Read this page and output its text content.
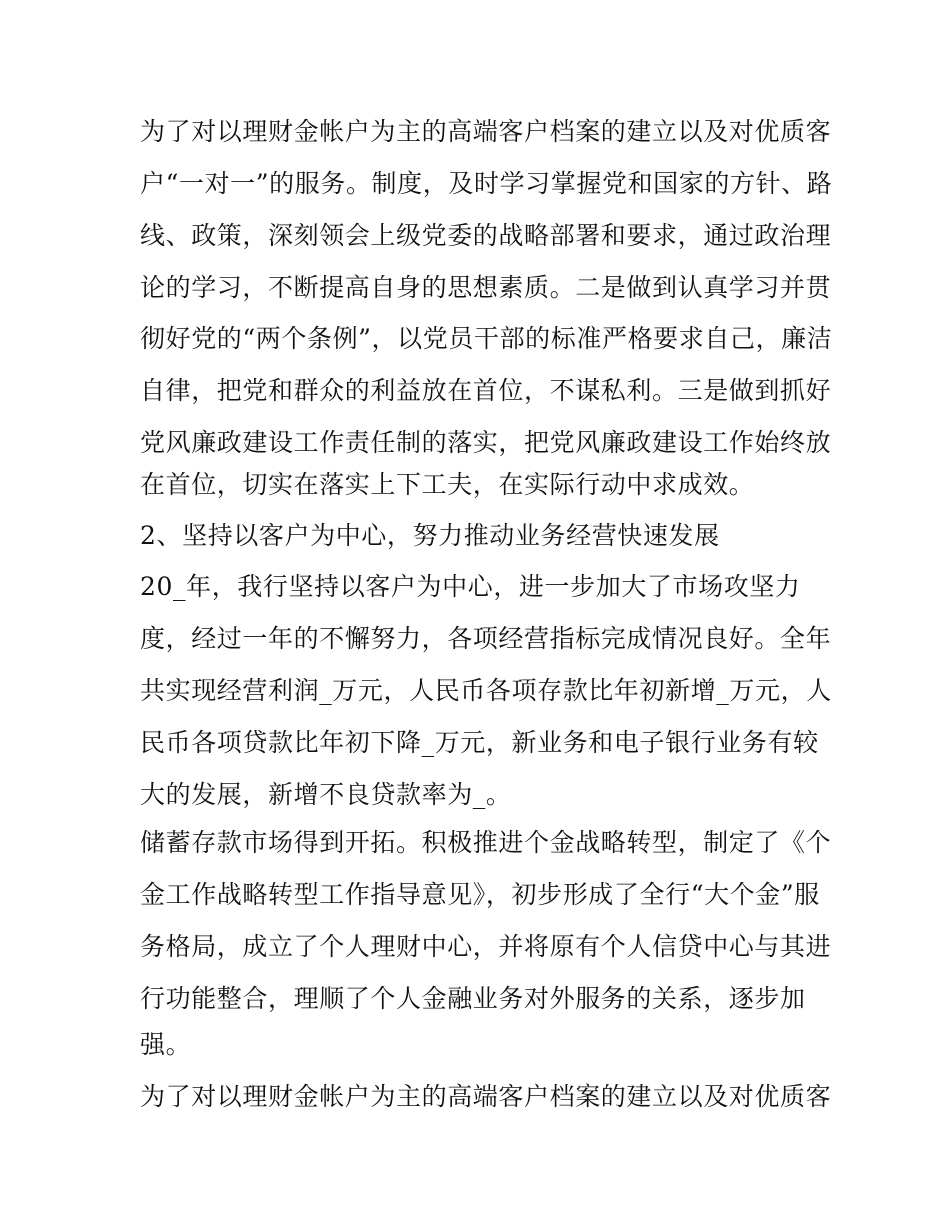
为了对以理财金帐户为主的高端客户档案的建立以及对优质客
户“一对一”的服务。制度，及时学习掌握党和国家的方针、路
线、政策，深刻领会上级党委的战略部署和要求，通过政治理
论的学习，不断提高自身的思想素质。二是做到认真学习并贯
彻好党的“两个条例”，以党员干部的标准严格要求自己，廉洁
自律，把党和群众的利益放在首位，不谋私利。三是做到抓好
党风廉政建设工作责任制的落实，把党风廉政建设工作始终放
在首位，切实在落实上下工夫，在实际行动中求成效。
2、坚持以客户为中心，努力推动业务经营快速发展
20_年，我行坚持以客户为中心，进一步加大了市场攻坚力
度，经过一年的不懈努力，各项经营指标完成情况良好。全年
共实现经营利润_万元，人民币各项存款比年初新增_万元，人
民币各项贷款比年初下降_万元，新业务和电子银行业务有较
大的发展，新增不良贷款率为_。
储蓄存款市场得到开拓。积极推进个金战略转型，制定了《个
金工作战略转型工作指导意见》，初步形成了全行“大个金”服
务格局，成立了个人理财中心，并将原有个人信贷中心与其进
行功能整合，理顺了个人金融业务对外服务的关系，逐步加
强。
为了对以理财金帐户为主的高端客户档案的建立以及对优质客
